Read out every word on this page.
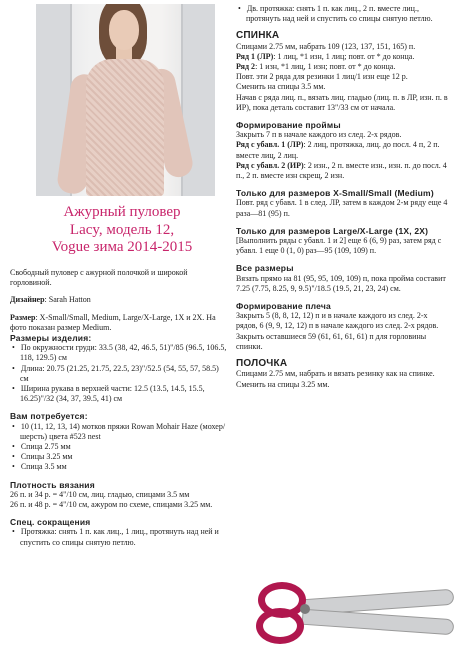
Ажурный пуловер
Lacy, модель 12,
Vogue зима 2014-2015

Свободный пуловер с ажурной полочкой и широкой горловиной.

Дизайнер: Sarah Hatton

Размер: X-Small/Small, Medium, Large/X-Large, 1X и 2X. На фото показан размер Medium.

Размеры изделия:

• По окружности груди: 33.5 (38, 42, 46.5, 51)"/85 (96.5, 106.5, 118, 129.5) см

• Длина: 20.75 (21.25, 21.75, 22.5, 23)"/52.5 (54, 55, 57, 58.5) см

• Ширина рукава в верхней части: 12.5 (13.5, 14.5, 15.5, 16.25)"/32 (34, 37, 39.5, 41) см

Вам потребуется:

• 10 (11, 12, 13, 14) мотков пряжи Rowan Mohair Haze (мохер/шерсть) цвета #523 nest

• Спица 2.75 мм

• Спицы 3.25 мм

• Спица 3.5 мм

Плотность вязания

26 п. и 34 р. = 4"/10 см, лиц. гладью, спицами 3.5 мм

26 п. и 48 р. = 4"/10 см, ажуром по схеме, спицами 3.25 мм.

Спец. сокращения

• Протяжка: снять 1 п. как лиц., 1 лиц., протянуть над ней и спустить со спицы снятую петлю.

• Дв. протяжка: снять 1 п. как лиц., 2 п. вместе лиц., протянуть над ней и спустить со спицы снятую петлю.

СПИНКА

Спицами 2.75 мм, набрать 109 (123, 137, 151, 165) п.

Ряд 1 (ЛР): 1 лиц, *1 изн, 1 лиц; повт. от * до конца.

Ряд 2: 1 изн, *1 лиц, 1 изн; повт. от * до конца.

Повт. эти 2 ряда для резинки 1 лиц/1 изн еще 12 р.

Сменить на спицы 3.5 мм.

Начав с ряда лиц. п., вязать лиц. гладью (лиц. п. в ЛР, изн. п. в ИР), пока деталь составит 13"/33 см от начала.

Формирование проймы

Закрыть 7 п в начале каждого из след. 2-х рядов.

Ряд с убавл. 1 (ЛР): 2 лиц, протяжка, лиц. до посл. 4 п, 2 п. вместе лиц, 2 лиц.

Ряд с убавл. 2 (ИР): 2 изн., 2 п. вместе изн., изн. п. до посл. 4 п., 2 п. вместе изн скрещ, 2 изн.

Только для размеров X-Small/Small (Medium)

Повт. ряд с убавл. 1 в след. ЛР, затем в каждом 2-м ряду еще 4 раза—81 (95) п.

Только для размеров Large/X-Large (1X, 2X)

[Выполнить ряды с убавл. 1 и 2] еще 6 (6, 9) раз, затем ряд с убавл. 1 еще 0 (1, 0) раз—95 (109, 109) п.

Все размеры

Вязать прямо на 81 (95, 95, 109, 109) п, пока пройма составит 7.25 (7.75, 8.25, 9, 9.5)"/18.5 (19.5, 21, 23, 24) см.

Формирование плеча

Закрыть 5 (8, 8, 12, 12) п и в начале каждого из след. 2-х рядов, 6 (9, 9, 12, 12) п в начале каждого из след. 2-х рядов.

Закрыть оставшиеся 59 (61, 61, 61, 61) п для горловины спинки.

ПОЛОЧКА

Спицами 2.75 мм, набрать и вязать резинку как на спинке.

Сменить на спицы 3.25 мм.
